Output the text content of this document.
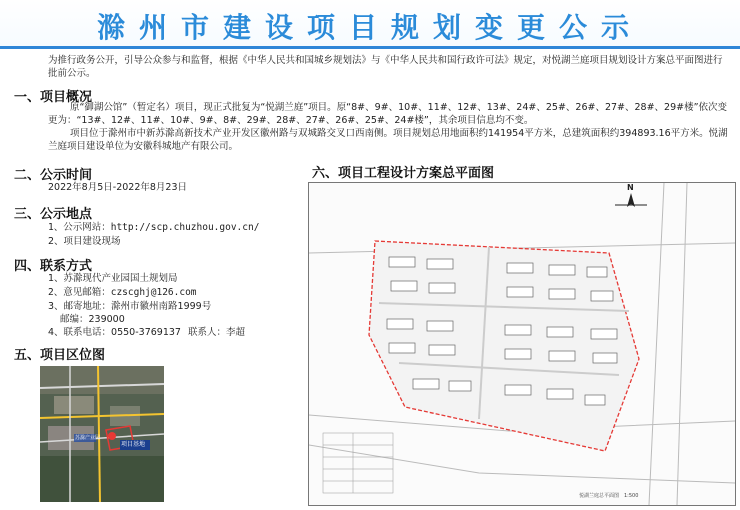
滁州市建设项目规划变更公示
为推行政务公开，引导公众参与和监督，根据《中华人民共和国城乡规划法》与《中华人民共和国行政许可法》规定，对悦湖兰庭项目规划设计方案总平面图进行批前公示。
一、项目概况
原“御湖公馆”（暂定名）项目，现正式批复为“悦湖兰庭”项目。原“8#、9#、10#、11#、12#、13#、24#、25#、26#、27#、28#、29#楼”依次变更为：“13#、12#、11#、10#、9#、8#、29#、28#、27#、26#、25#、24#楼”，其余项目信息均不变。
项目位于滁州市中新苏滁高新技术产业开发区徽州路与双城路交叉口西南侧。项目规划总用地面积约141954平方米，总建筑面积约394893.16平方米。悦湖兰庭项目建设单位为安徽科城地产有限公司。
二、公示时间
2022年8月5日-2022年8月23日
三、公示地点
1、公示网站：http://scp.chuzhou.gov.cn/
2、项目建设现场
四、联系方式
1、苏滁现代产业园国土规划局
2、意见邮箱：czscghj@126.com
3、邮寄地址：滁州市徽州南路1999号
邮编：239000
4、联系电话：0550-3769137 联系人：李超
五、项目区位图
项目基地
苏滁产业园
六、项目工程设计方案总平面图
N
悦湖兰庭总平面图　1:500
